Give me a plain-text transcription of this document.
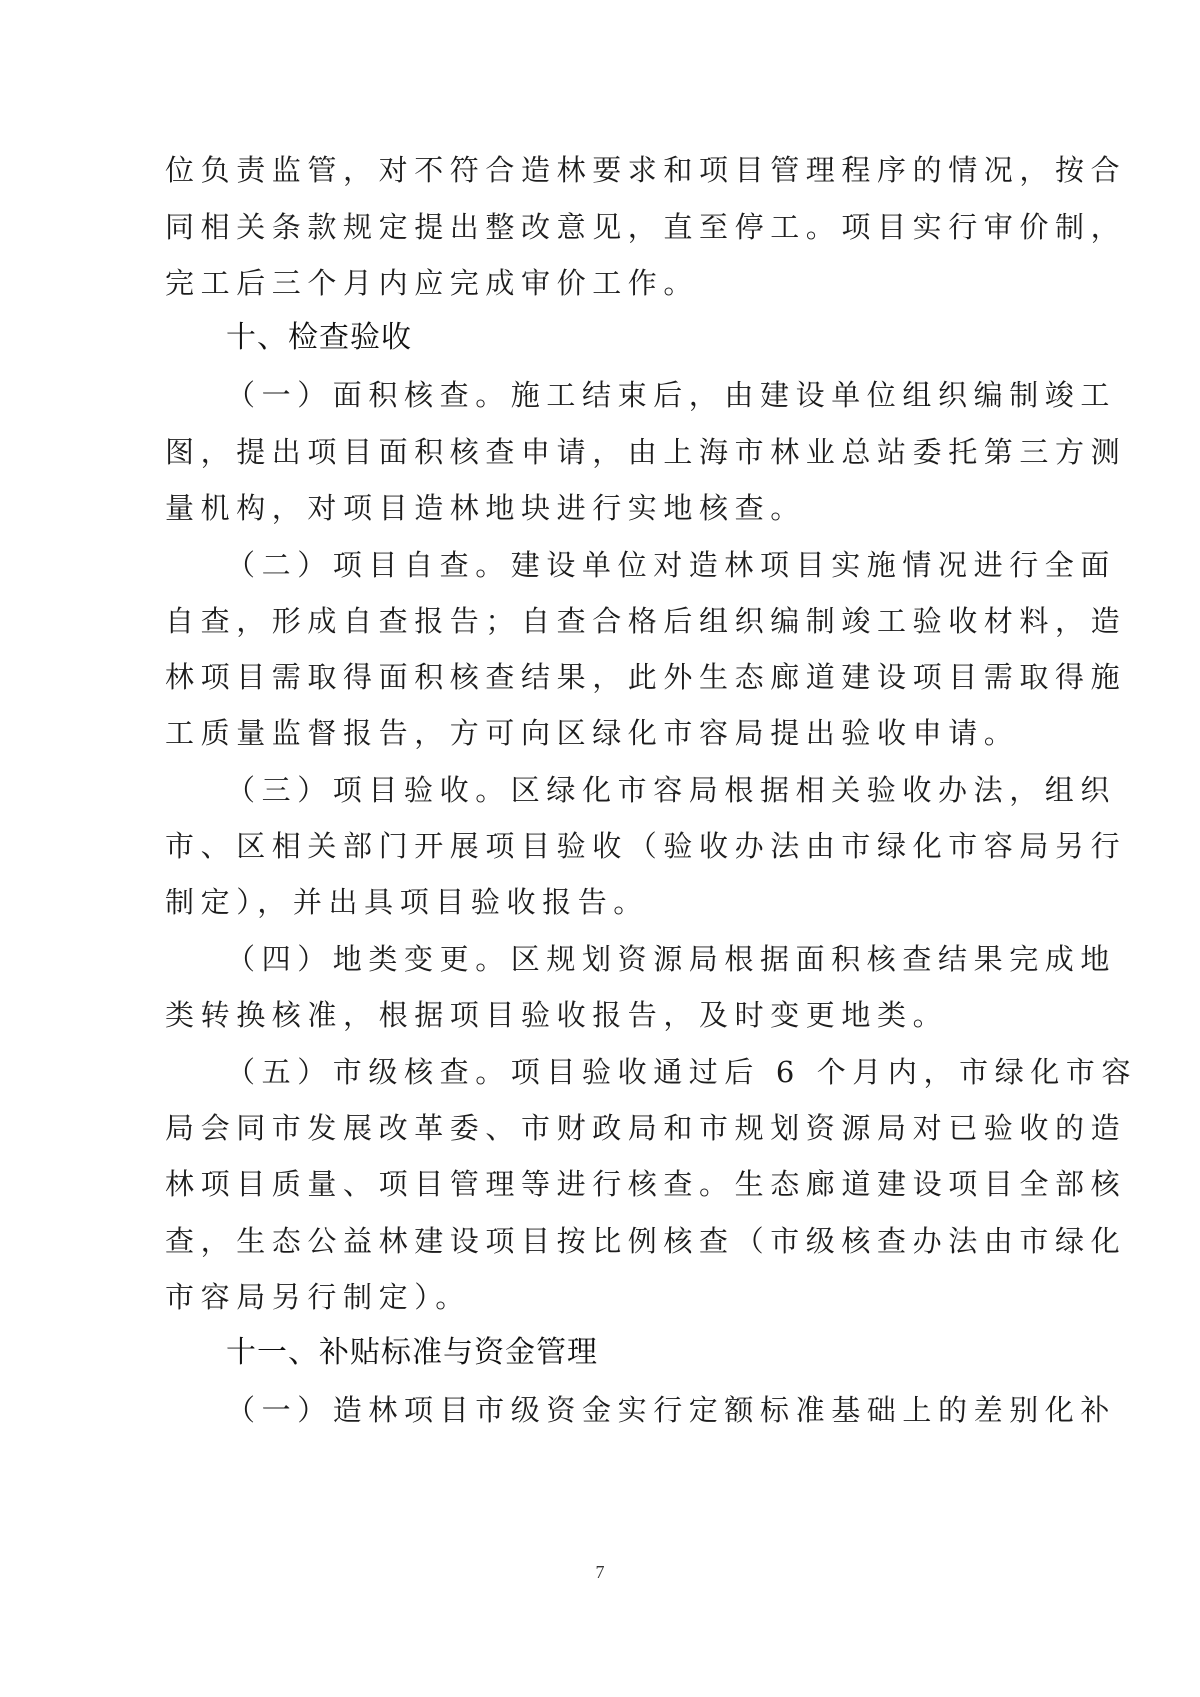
位负责监管，对不符合造林要求和项目管理程序的情况，按合
同相关条款规定提出整改意见，直至停工。项目实行审价制，
完工后三个月内应完成审价工作。
十、检查验收
（一）面积核查。施工结束后，由建设单位组织编制竣工
图，提出项目面积核查申请，由上海市林业总站委托第三方测
量机构，对项目造林地块进行实地核查。
（二）项目自查。建设单位对造林项目实施情况进行全面
自查，形成自查报告；自查合格后组织编制竣工验收材料，造
林项目需取得面积核查结果，此外生态廊道建设项目需取得施
工质量监督报告，方可向区绿化市容局提出验收申请。
（三）项目验收。区绿化市容局根据相关验收办法，组织
市、区相关部门开展项目验收（验收办法由市绿化市容局另行
制定），并出具项目验收报告。
（四）地类变更。区规划资源局根据面积核查结果完成地
类转换核准，根据项目验收报告，及时变更地类。
（五）市级核查。项目验收通过后 6 个月内，市绿化市容
局会同市发展改革委、市财政局和市规划资源局对已验收的造
林项目质量、项目管理等进行核查。生态廊道建设项目全部核
查，生态公益林建设项目按比例核查（市级核查办法由市绿化
市容局另行制定）。
十一、补贴标准与资金管理
（一）造林项目市级资金实行定额标准基础上的差别化补
7
